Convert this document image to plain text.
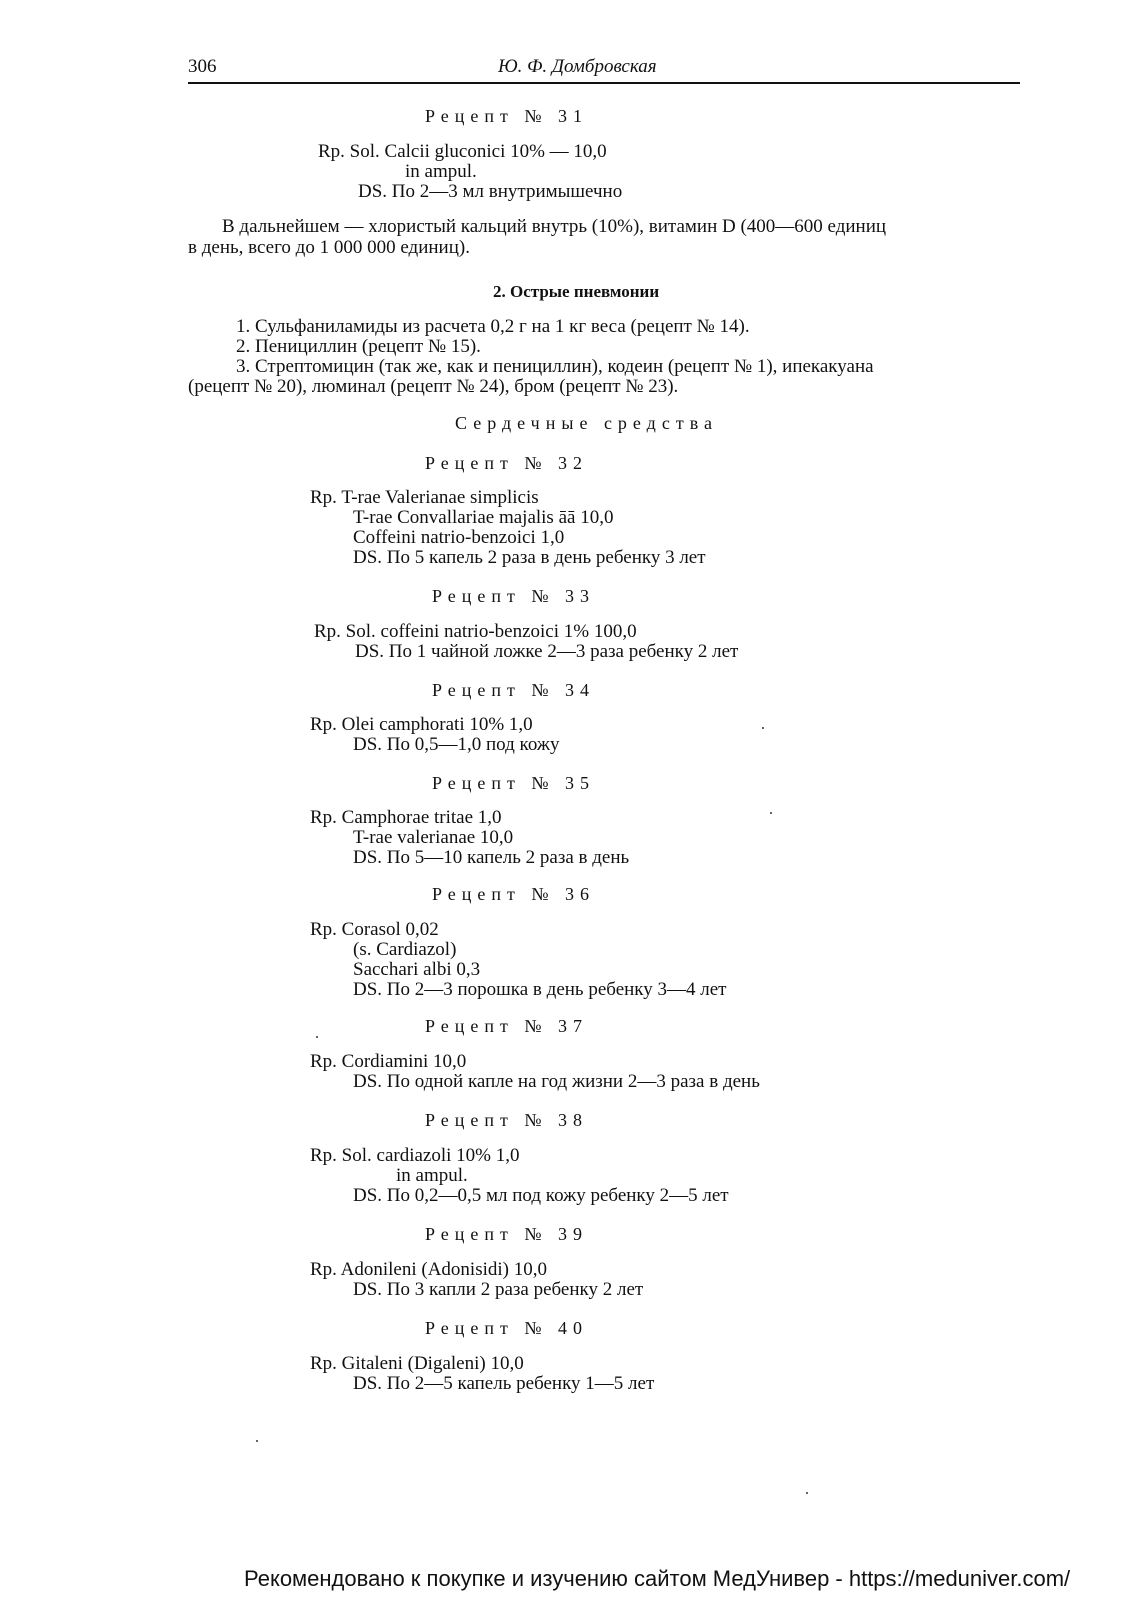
306	Ю. Ф. Домбровская
Рецепт № 31
Rp. Sol. Calcii gluconici 10% — 10,0
in ampul.
DS. По 2—3 мл внутримышечно
В дальнейшем — хлористый кальций внутрь (10%), витамин D (400—600 единиц
в день, всего до 1 000 000 единиц).
2. Острые пневмонии
1. Сульфаниламиды из расчета 0,2 г на 1 кг веса (рецепт № 14).
2. Пенициллин (рецепт № 15).
3. Стрептомицин (так же, как и пенициллин), кодеин (рецепт № 1), ипекакуана
(рецепт № 20), люминал (рецепт № 24), бром (рецепт № 23).
Сердечные средства
Рецепт № 32
Rp. T-rae Valerianae simplicis
T-rae Convallariae majalis āā 10,0
Coffeini natrio-benzoici 1,0
DS. По 5 капель 2 раза в день ребенку 3 лет
Рецепт № 33
Rp. Sol. coffeini natrio-benzoici 1% 100,0
DS. По 1 чайной ложке 2—3 раза ребенку 2 лет
Рецепт № 34
Rp. Olei camphorati 10% 1,0
DS. По 0,5—1,0 под кожу
Рецепт № 35
Rp. Camphorae tritae 1,0
T-rae valerianae 10,0
DS. По 5—10 капель 2 раза в день
Рецепт № 36
Rp. Corasol 0,02
(s. Cardiazol)
Sacchari albi 0,3
DS. По 2—3 порошка в день ребенку 3—4 лет
Рецепт № 37
Rp. Cordiamini 10,0
DS. По одной капле на год жизни 2—3 раза в день
Рецепт № 38
Rp. Sol. cardiazoli 10% 1,0
in ampul.
DS. По 0,2—0,5 мл под кожу ребенку 2—5 лет
Рецепт № 39
Rp. Adonileni (Adonisidi) 10,0
DS. По 3 капли 2 раза ребенку 2 лет
Рецепт № 40
Rp. Gitaleni (Digaleni) 10,0
DS. По 2—5 капель ребенку 1—5 лет
Рекомендовано к покупке и изучению сайтом МедУнивер - https://meduniver.com/
